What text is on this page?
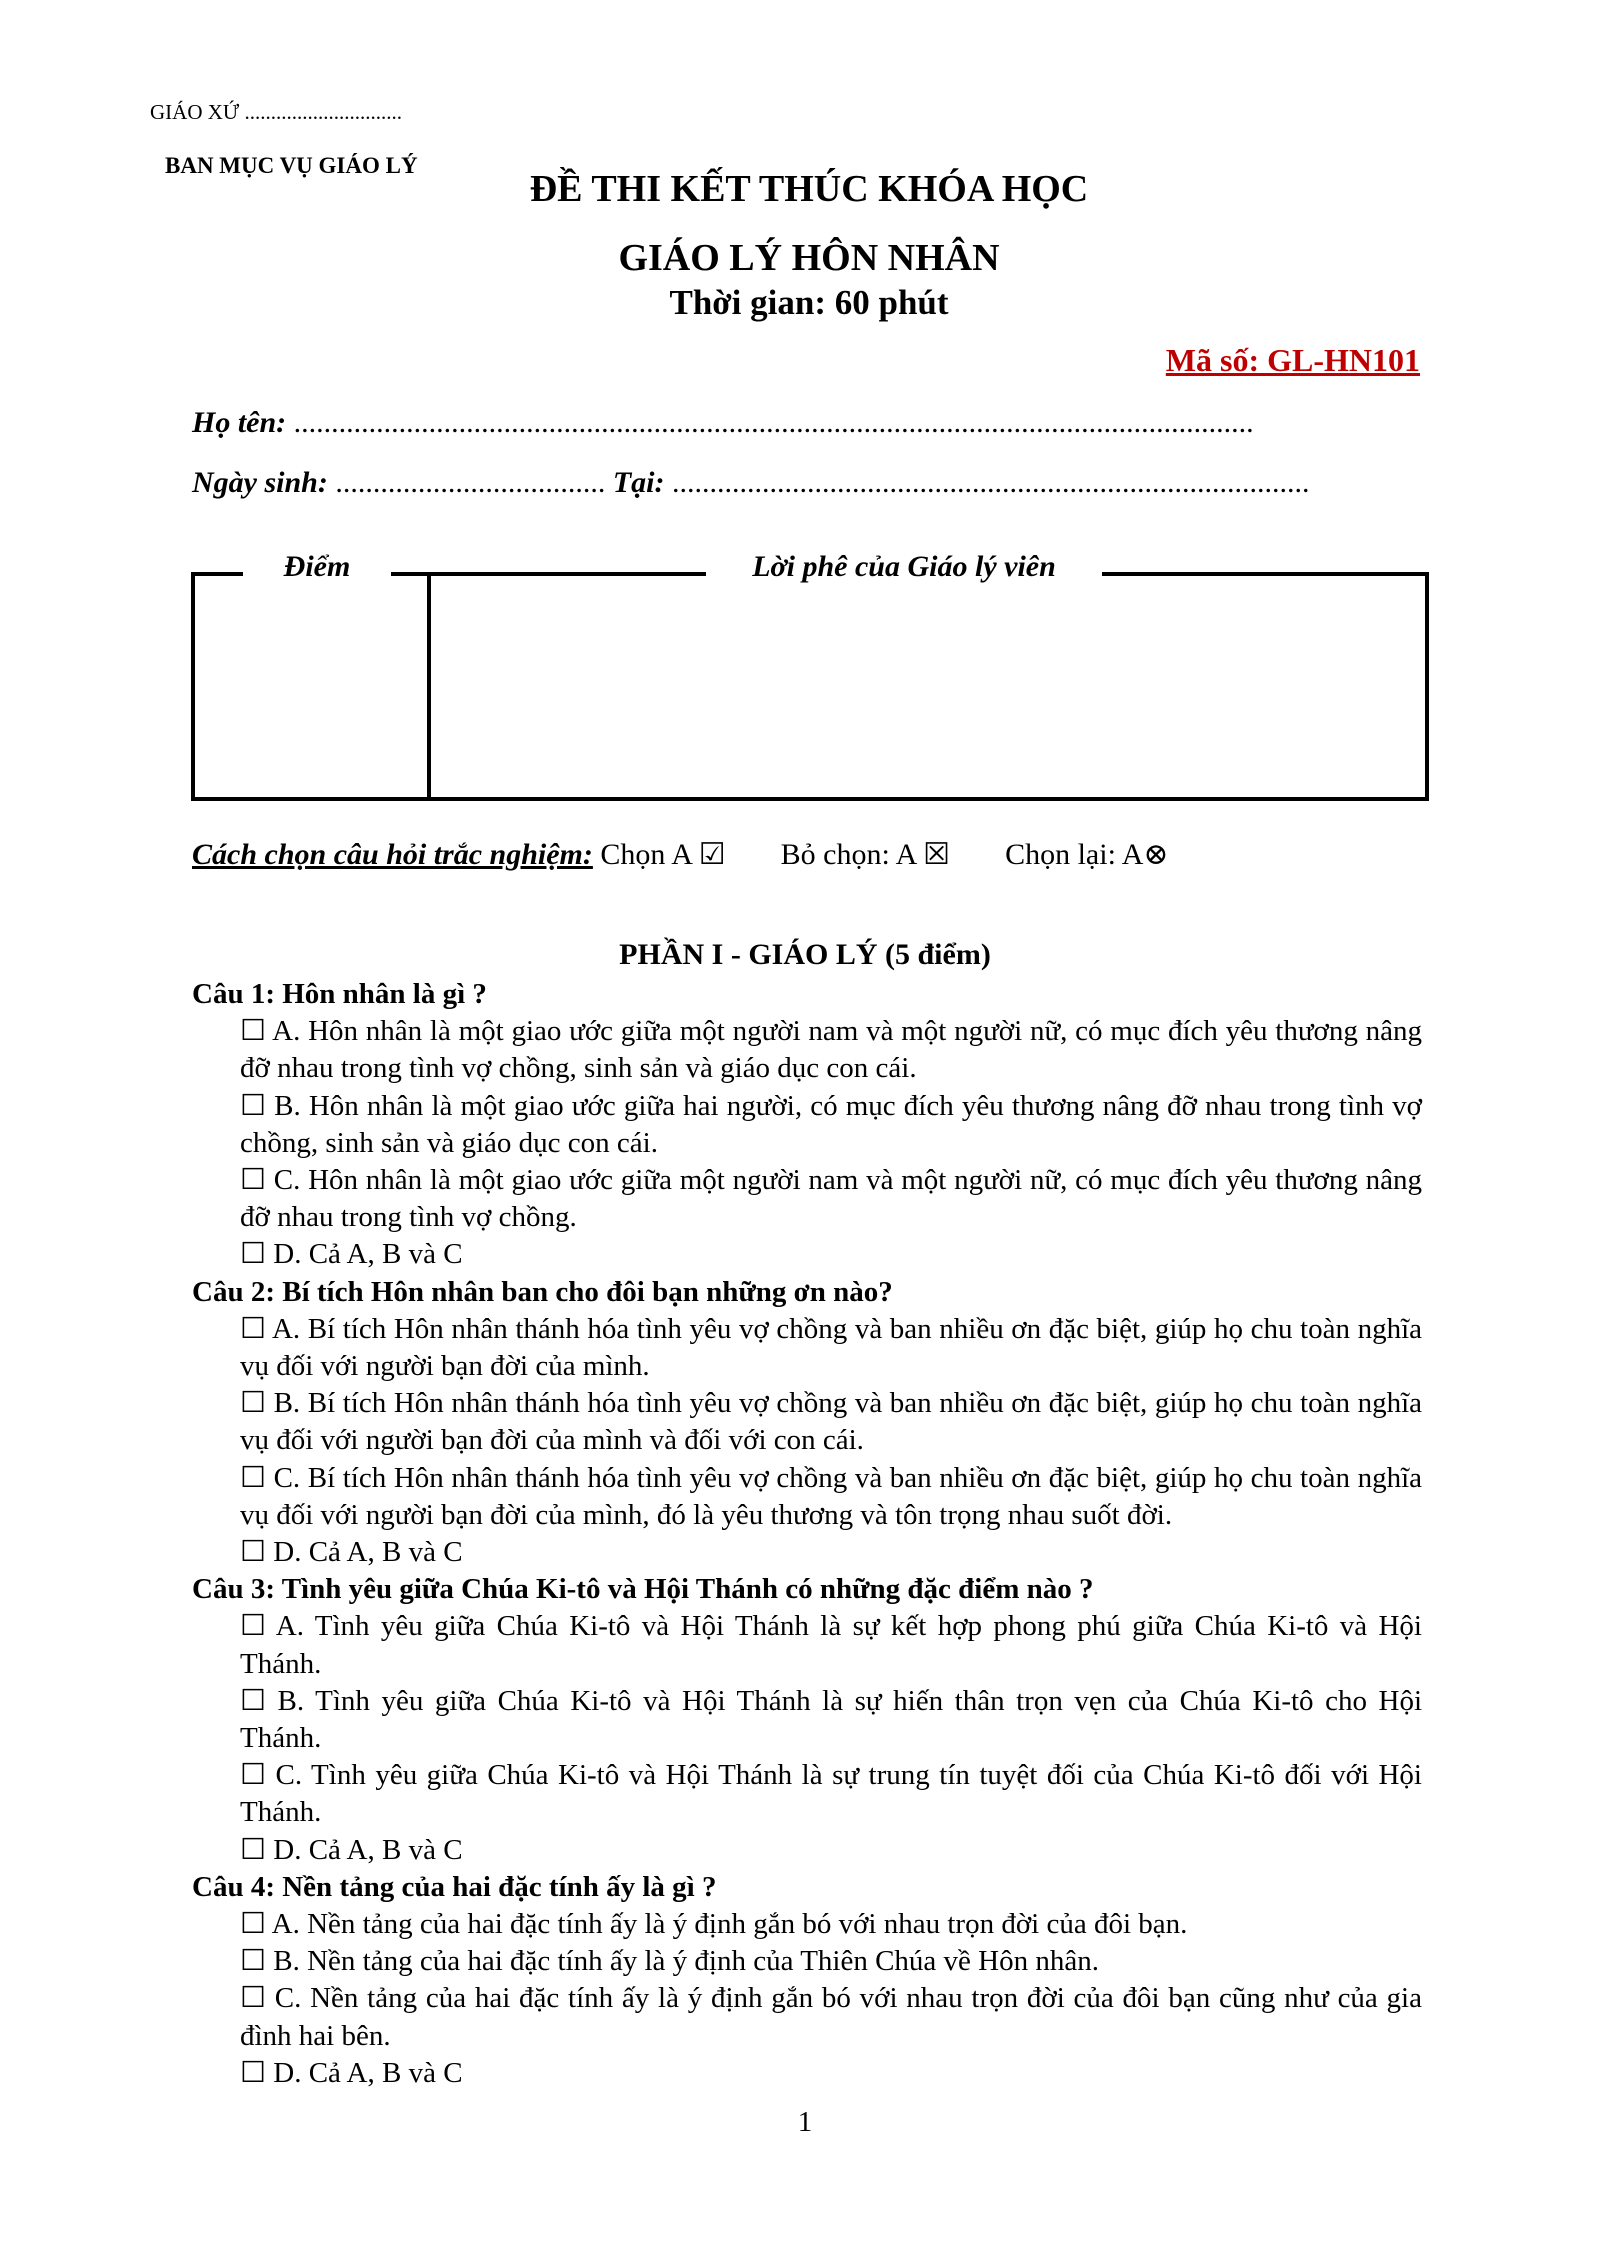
GIÁO XỨ ..............................
BAN MỤC VỤ GIÁO LÝ
ĐỀ THI KẾT THÚC KHÓA HỌC
GIÁO LÝ HÔN NHÂN
Thời gian: 60 phút
Mã số: GL-HN101
Họ tên: ................................................................................................................................
Ngày sinh: .................................... Tại: .....................................................................................
Điểm	Lời phê của Giáo lý viên
Cách chọn câu hỏi trắc nghiệm: Chọn A ☑ Bỏ chọn: A ☒ Chọn lại: A⊗
PHẦN I - GIÁO LÝ (5 điểm)
Câu 1: Hôn nhân là gì ?
☐ A. Hôn nhân là một giao ước giữa một người nam và một người nữ, có mục đích yêu thương nâng đỡ nhau trong tình vợ chồng, sinh sản và giáo dục con cái.
☐ B. Hôn nhân là một giao ước giữa hai người, có mục đích yêu thương nâng đỡ nhau trong tình vợ chồng, sinh sản và giáo dục con cái.
☐ C. Hôn nhân là một giao ước giữa một người nam và một người nữ, có mục đích yêu thương nâng đỡ nhau trong tình vợ chồng.
☐ D. Cả A, B và C
Câu 2: Bí tích Hôn nhân ban cho đôi bạn những ơn nào?
☐ A. Bí tích Hôn nhân thánh hóa tình yêu vợ chồng và ban nhiều ơn đặc biệt, giúp họ chu toàn nghĩa vụ đối với người bạn đời của mình.
☐ B. Bí tích Hôn nhân thánh hóa tình yêu vợ chồng và ban nhiều ơn đặc biệt, giúp họ chu toàn nghĩa vụ đối với người bạn đời của mình và đối với con cái.
☐ C. Bí tích Hôn nhân thánh hóa tình yêu vợ chồng và ban nhiều ơn đặc biệt, giúp họ chu toàn nghĩa vụ đối với người bạn đời của mình, đó là yêu thương và tôn trọng nhau suốt đời.
☐ D. Cả A, B và C
Câu 3: Tình yêu giữa Chúa Ki-tô và Hội Thánh có những đặc điểm nào ?
☐ A. Tình yêu giữa Chúa Ki-tô và Hội Thánh là sự kết hợp phong phú giữa Chúa Ki-tô và Hội Thánh.
☐ B. Tình yêu giữa Chúa Ki-tô và Hội Thánh là sự hiến thân trọn vẹn của Chúa Ki-tô cho Hội Thánh.
☐ C. Tình yêu giữa Chúa Ki-tô và Hội Thánh là sự trung tín tuyệt đối của Chúa Ki-tô đối với Hội Thánh.
☐ D. Cả A, B và C
Câu 4: Nền tảng của hai đặc tính ấy là gì ?
☐ A. Nền tảng của hai đặc tính ấy là ý định gắn bó với nhau trọn đời của đôi bạn.
☐ B. Nền tảng của hai đặc tính ấy là ý định của Thiên Chúa về Hôn nhân.
☐ C. Nền tảng của hai đặc tính ấy là ý định gắn bó với nhau trọn đời của đôi bạn cũng như của gia đình hai bên.
☐ D. Cả A, B và C
1
